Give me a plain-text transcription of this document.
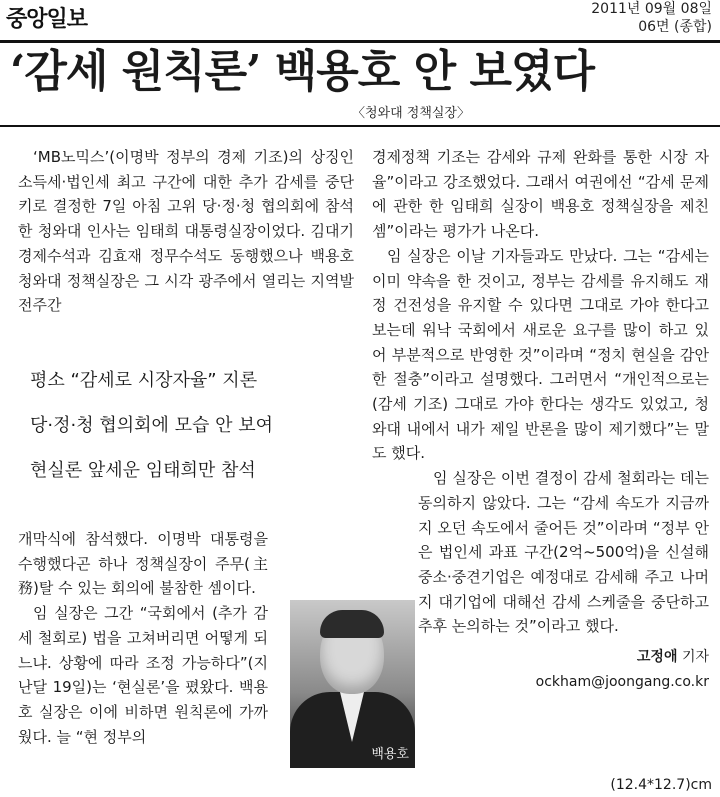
중앙일보	2011년 09월 08일
06면 (종합)
‘감세 원칙론’ 백용호 안 보였다
〈청와대 정책실장〉

‘MB노믹스’(이명박 정부의 경제 기조)의 상징인 소득세·법인세 최고 구간에 대한 추가 감세를 중단키로 결정한 7일 아침 고위 당·정·청 협의회에 참석한 청와대 인사는 임태희 대통령실장이었다. 김대기 경제수석과 김효재 정무수석도 동행했으나 백용호 청와대 정책실장은 그 시각 광주에서 열리는 지역발전주간

평소 “감세로 시장자율” 지론
당·정·청 협의회에 모습 안 보여
현실론 앞세운 임태희만 참석

개막식에 참석했다. 이명박 대통령을 수행했다곤 하나 정책실장이 주무(主務)탈 수 있는 회의에 불참한 셈이다.

임 실장은 그간 “국회에서 (추가 감세 철회로) 법을 고쳐버리면 어떻게 되느냐. 상황에 따라 조정 가능하다”(지난달 19일)는 ‘현실론’을 폈왔다. 백용호 실장은 이에 비하면 원칙론에 가까웠다. 늘 “현 정부의

경제정책 기조는 감세와 규제 완화를 통한 시장 자율”이라고 강조했었다. 그래서 여권에선 “감세 문제에 관한 한 임태희 실장이 백용호 정책실장을 제친 셈”이라는 평가가 나온다.

임 실장은 이날 기자들과도 만났다. 그는 “감세는 이미 약속을 한 것이고, 정부는 감세를 유지해도 재정 건전성을 유지할 수 있다면 그대로 가야 한다고 보는데 워낙 국회에서 새로운 요구를 많이 하고 있어 부분적으로 반영한 것”이라며 “정치 현실을 감안한 절충”이라고 설명했다. 그러면서 “개인적으로는 (감세 기조) 그대로 가야 한다는 생각도 있었고, 청와대 내에서 내가 제일 반론을 많이 제기했다”는 말도 했다.

임 실장은 이번 결정이 감세 철회라는 데는 동의하지 않았다. 그는 “감세 속도가 지금까지 오던 속도에서 줄어든 것”이라며 “정부 안은 법인세 과표 구간(2억~500억)을 신설해 중소·중견기업은 예정대로 감세해 주고 나머지 대기업에 대해선 감세 스케줄을 중단하고 추후 논의하는 것”이라고 했다.

고정애 기자
ockham@joongang.co.kr
백용호
(12.4*12.7)cm
